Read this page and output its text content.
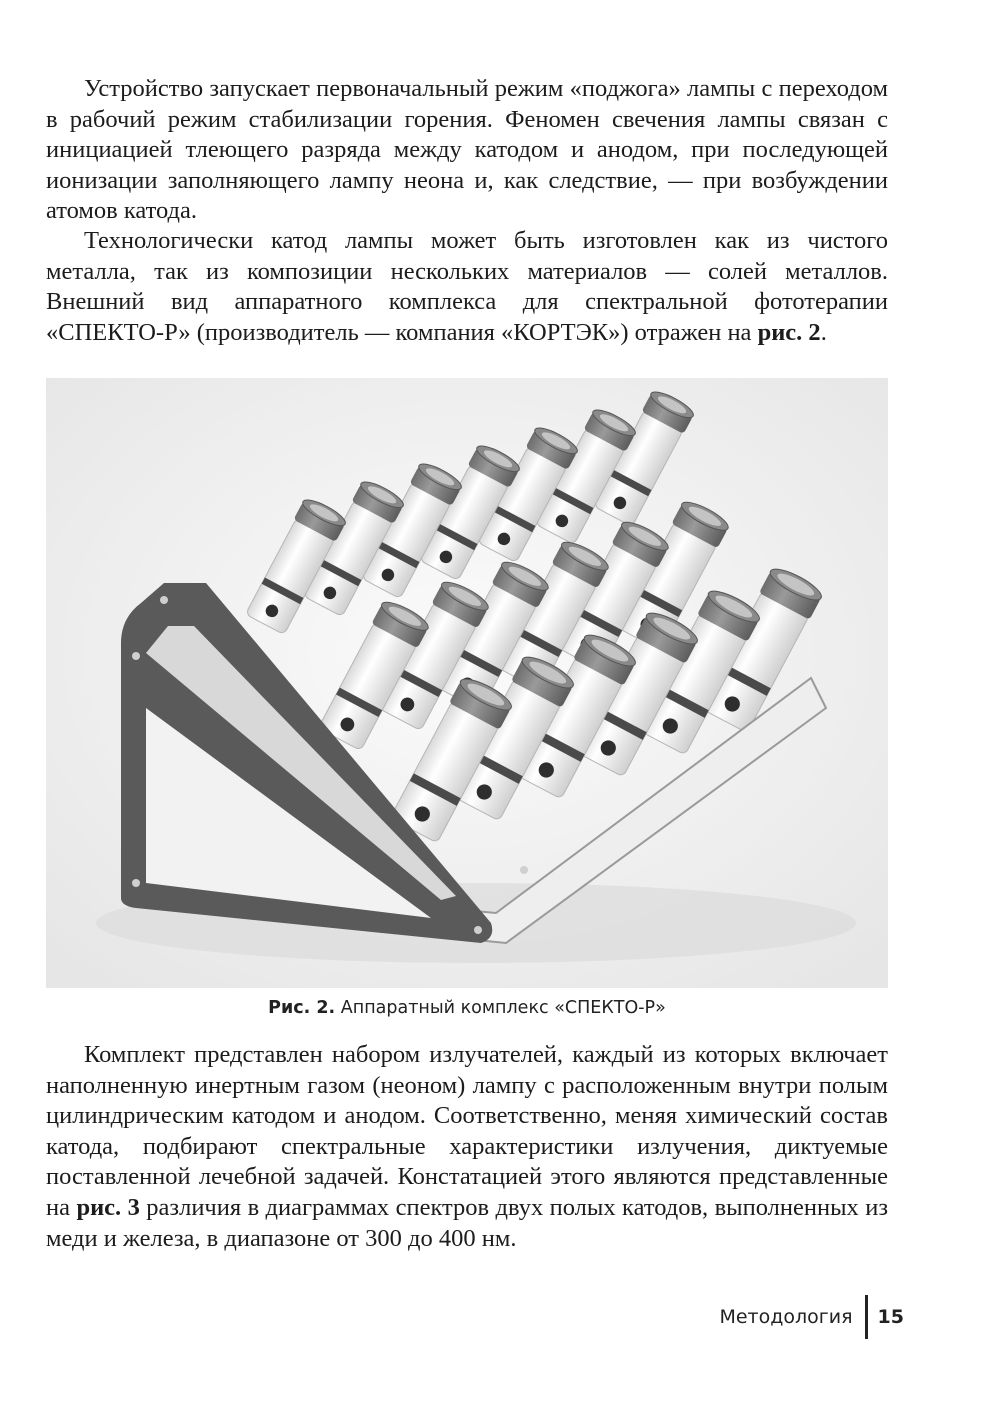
Устройство запускает первоначальный режим «поджога» лампы с переходом в рабочий режим стабилизации горения. Феномен свечения лампы связан с инициацией тлеющего разряда между катодом и анодом, при последующей ионизации заполняющего лампу неона и, как следствие, — при возбуждении атомов катода.

Технологически катод лампы может быть изготовлен как из чистого металла, так из композиции нескольких материалов — солей металлов. Внешний вид аппаратного комплекса для спектральной фототерапии «СПЕКТО-Р» (производитель — компания «КОРТЭК») отражен на рис. 2.

Рис. 2. Аппаратный комплекс «СПЕКТО-Р»

Комплект представлен набором излучателей, каждый из которых включает наполненную инертным газом (неоном) лампу с расположенным внутри полым цилиндрическим катодом и анодом. Соответственно, меняя химический состав катода, подбирают спектральные характеристики излучения, диктуемые поставленной лечебной задачей. Констатацией этого являются представленные на рис. 3 различия в диаграммах спектров двух полых катодов, выполненных из меди и железа, в диапазоне от 300 до 400 нм.

Методология 15
